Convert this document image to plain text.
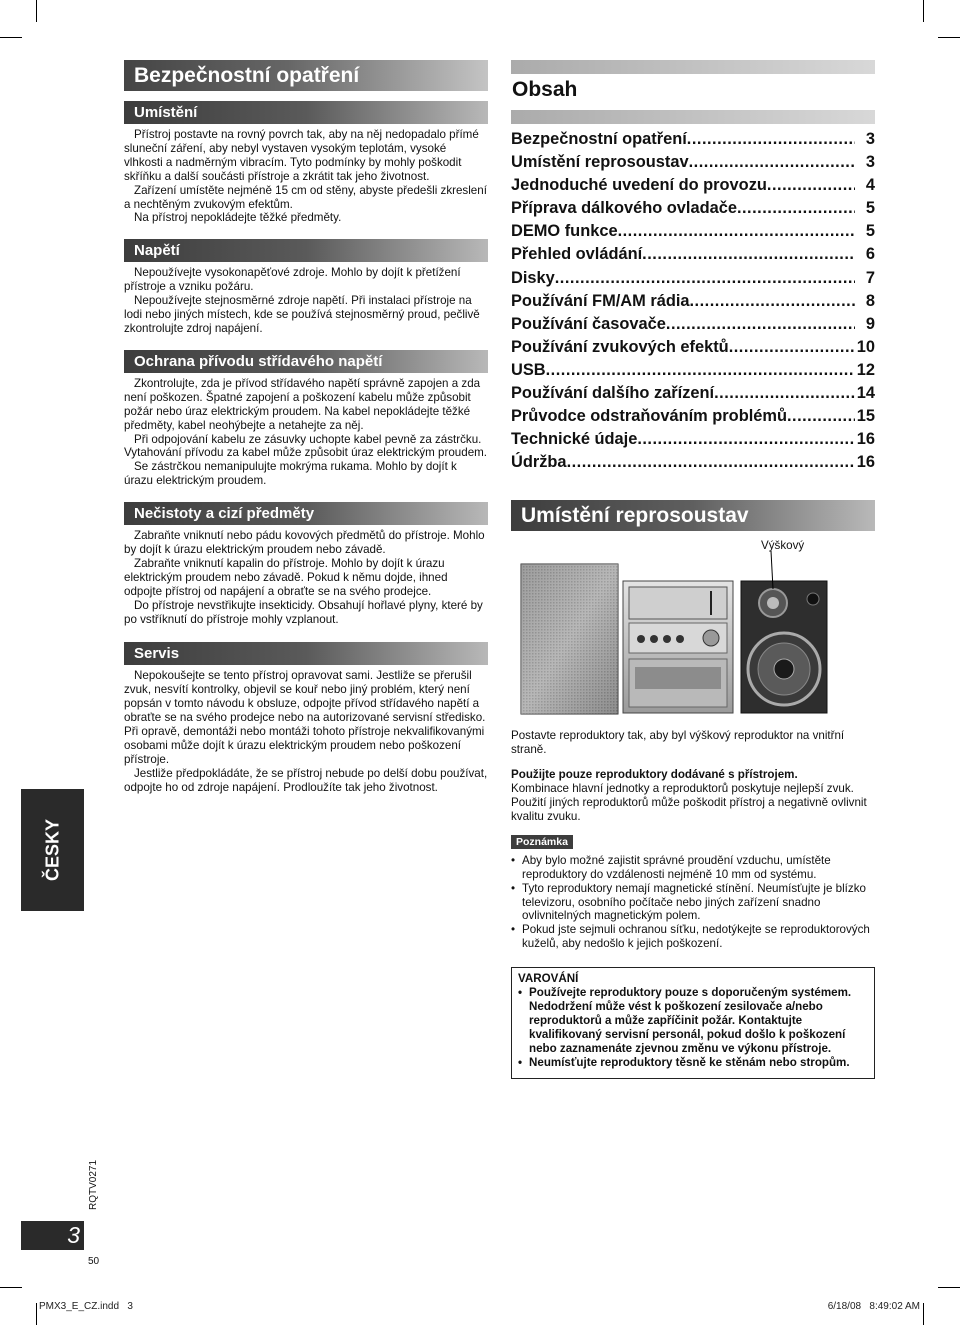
Bezpečnostní opatření
Umístění

Přístroj postavte na rovný povrch tak, aby na něj nedopadalo přímé sluneční záření, aby nebyl vystaven vysokým teplotám, vysoké vlhkosti a nadměrným vibracím. Tyto podmínky by mohly poškodit skříňku a další součásti přístroje a zkrátit tak jeho životnost.

Zařízení umístěte nejméně 15 cm od stěny, abyste předešli zkreslení a nechtěným zvukovým efektům.

Na přístroj nepokládejte těžké předměty.

Napětí

Nepoužívejte vysokonapěťové zdroje. Mohlo by dojít k přetížení přístroje a vzniku požáru.

Nepoužívejte stejnosměrné zdroje napětí. Při instalaci přístroje na lodi nebo jiných místech, kde se používá stejnosměrný proud, pečlivě zkontrolujte zdroj napájení.

Ochrana přívodu střídavého napětí

Zkontrolujte, zda je přívod střídavého napětí správně zapojen a zda není poškozen. Špatné zapojení a poškození kabelu může způsobit požár nebo úraz elektrickým proudem. Na kabel nepokládejte těžké předměty, kabel neohýbejte a netahejte za něj.

Při odpojování kabelu ze zásuvky uchopte kabel pevně za zástrčku. Vytahování přívodu za kabel může způsobit úraz elektrickým proudem.

Se zástrčkou nemanipulujte mokrýma rukama. Mohlo by dojít k úrazu elektrickým proudem.

Nečistoty a cizí předměty

Zabraňte vniknutí nebo pádu kovových předmětů do přístroje. Mohlo by dojít k úrazu elektrickým proudem nebo závadě.

Zabraňte vniknutí kapalin do přístroje. Mohlo by dojít k úrazu elektrickým proudem nebo závadě. Pokud k němu dojde, ihned odpojte přístroj od napájení a obraťte se na svého prodejce.

Do přístroje nevstřikujte insekticidy. Obsahují hořlavé plyny, které by po vstříknutí do přístroje mohly vzplanout.

Servis

Nepokoušejte se tento přístroj opravovat sami. Jestliže se přerušil zvuk, nesvítí kontrolky, objevil se kouř nebo jiný problém, který není popsán v tomto návodu k obsluze, odpojte přívod střídavého napětí a obraťte se na svého prodejce nebo na autorizované servisní středisko. Při opravě, demontáži nebo montáži tohoto přístroje nekvalifikovanými osobami může dojít k úrazu elektrickým proudem nebo poškození přístroje.

Jestliže předpokládáte, že se přístroj nebude po delší dobu používat, odpojte ho od zdroje napájení. Prodloužíte tak jeho životnost.

Obsah
Bezpečnostní opatření .....	3
Umístění reprosoustav .....	3
Jednoduché uvedení do provozu .....	4
Příprava dálkového ovladače .....	5
DEMO funkce .....	5
Přehled ovládání .....	6
Disky .....	7
Používání FM/AM rádia .....	8
Používání časovače .....	9
Používání zvukových efektů .....	10
USB .....	12
Používání dalšího zařízení .....	14
Průvodce odstraňováním problémů .....	15
Technické údaje .....	16
Údržba .....	16
Umístění reprosoustav
Výškový

Postavte reproduktory tak, aby byl výškový reproduktor na vnitřní straně.

Použijte pouze reproduktory dodávané s přístrojem.
Kombinace hlavní jednotky a reproduktorů poskytuje nejlepší zvuk. Použití jiných reproduktorů může poškodit přístroj a negativně ovlivnit kvalitu zvuku.

Poznámka
• Aby bylo možné zajistit správné proudění vzduchu, umístěte reproduktory do vzdálenosti nejméně 10 mm od systému.
• Tyto reproduktory nemají magnetické stínění. Neumísťujte je blízko televizoru, osobního počítače nebo jiných zařízení snadno ovlivnitelných magnetickým polem.
• Pokud jste sejmuli ochranou síťku, nedotýkejte se reproduktorových kuželů, aby nedošlo k jejich poškození.
VAROVÁNÍ
• Používejte reproduktory pouze s doporučeným systémem. Nedodržení může vést k poškození zesilovače a/nebo reproduktorů a může zapříčinit požár. Kontaktujte kvalifikovaný servisní personál, pokud došlo k poškození nebo zaznamenáte zjevnou změnu ve výkonu přístroje.
• Neumísťujte reproduktory těsně ke stěnám nebo stropům.
ČESKY
RQTV0271
3
50
PMX3_E_CZ.indd   3	6/18/08   8:49:02 AM
